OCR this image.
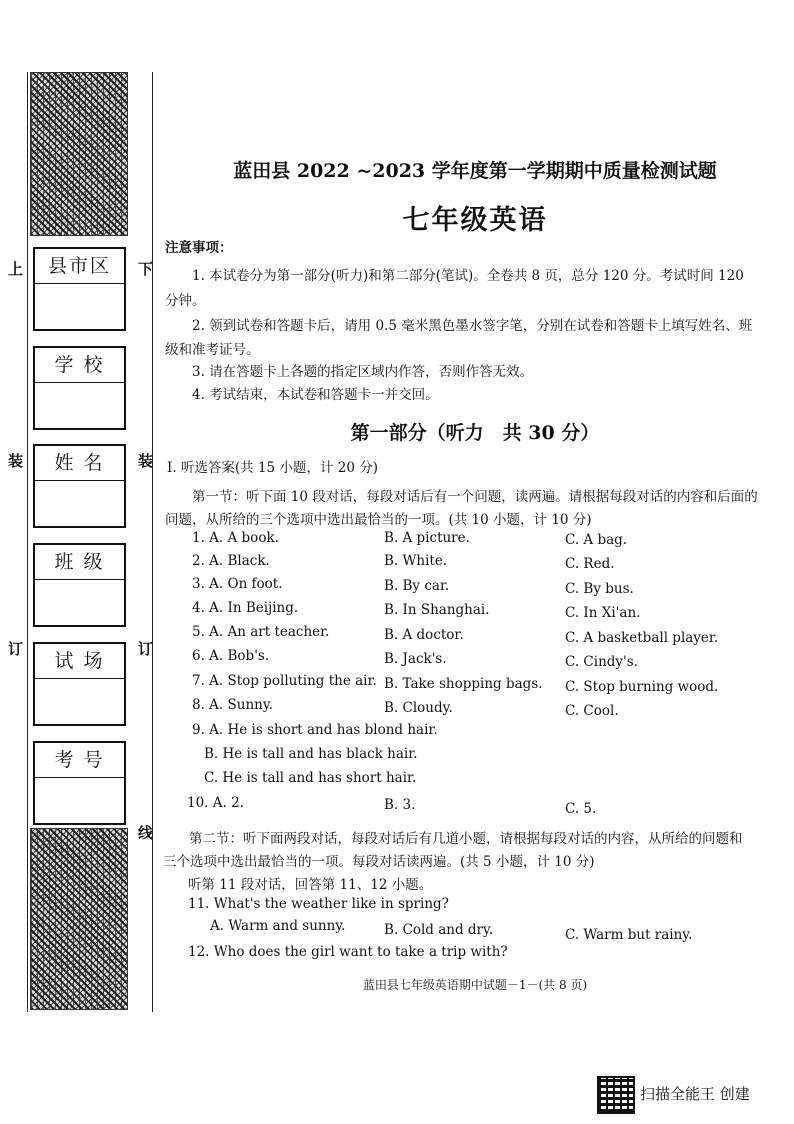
上	下
装	装
订	订
线
县市区
学 校
姓 名
班 级
试 场
考 号
蓝田县 2022 ~2023 学年度第一学期期中质量检测试题
七年级英语
注意事项：
1. 本试卷分为第一部分(听力)和第二部分(笔试)。全卷共 8 页，总分 120 分。考试时间 120
分钟。
2. 领到试卷和答题卡后，请用 0.5 毫米黑色墨水签字笔，分别在试卷和答题卡上填写姓名、班
级和准考证号。
3. 请在答题卡上各题的指定区域内作答，否则作答无效。
4. 考试结束，本试卷和答题卡一并交回。
第一部分（听力　共 30 分）
Ⅰ. 听选答案(共 15 小题，计 20 分)
第一节：听下面 10 段对话，每段对话后有一个问题，读两遍。请根据每段对话的内容和后面的
问题，从所给的三个选项中选出最恰当的一项。(共 10 小题，计 10 分)
1. A. A book.	B. A picture.	C. A bag.
2. A. Black.	B. White.	C. Red.
3. A. On foot.	B. By car.	C. By bus.
4. A. In Beijing.	B. In Shanghai.	C. In Xi'an.
5. A. An art teacher.	B. A doctor.	C. A basketball player.
6. A. Bob's.	B. Jack's.	C. Cindy's.
7. A. Stop polluting the air. B. Take shopping bags. C. Stop burning wood.
8. A. Sunny.	B. Cloudy.	C. Cool.
9. A. He is short and has blond hair.
B. He is tall and has black hair.
C. He is tall and has short hair.
10. A. 2.	B. 3.	C. 5.
第二节：听下面两段对话，每段对话后有几道小题，请根据每段对话的内容，从所给的问题和
三个选项中选出最恰当的一项。每段对话读两遍。(共 5 小题，计 10 分)
听第 11 段对话，回答第 11、12 小题。
11. What's the weather like in spring?
A. Warm and sunny.	B. Cold and dry.	C. Warm but rainy.
12. Who does the girl want to take a trip with?
蓝田县七年级英语期中试题－1－(共 8 页)
扫描全能王 创建
